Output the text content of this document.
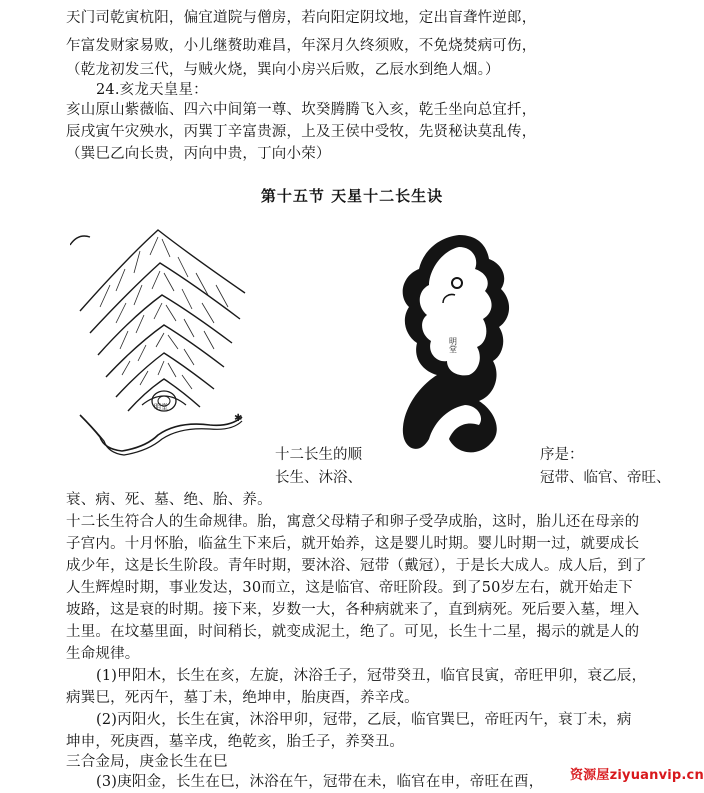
天门司乾寅杭阳，偏宜道院与僧房，若向阳定阴坟地，定出盲聋忤逆郎，
乍富发财家易败，小儿继赘助难昌，年深月久终须败，不免烧焚病可伤，
（乾龙初发三代，与贼火烧，巽向小房兴后败，乙辰水到绝人烟。）
24.亥龙天皇星：
亥山原山紫薇临、四六中间第一尊、坎癸腾腾飞入亥，乾壬坐向总宜扦，
辰戌寅午灾殃水，丙巽丁辛富贵源，上及王侯中受牧，先贤秘诀莫乱传，
（巽巳乙向长贵，丙向中贵，丁向小荣）
第十五节 天星十二长生诀
明堂
✱
明堂
十二长生的顺	序是：
长生、沐浴、	冠带、临官、帝旺、
衰、病、死、墓、绝、胎、养。
十二长生符合人的生命规律。胎，寓意父母精子和卵子受孕成胎，这时，胎儿还在母亲的
子宫内。十月怀胎，临盆生下来后，就开始养，这是婴儿时期。婴儿时期一过，就要成长
成少年，这是长生阶段。青年时期，要沐浴、冠带（戴冠），于是长大成人。成人后，到了
人生辉煌时期，事业发达，30而立，这是临官、帝旺阶段。到了50岁左右，就开始走下
坡路，这是衰的时期。接下来，岁数一大，各种病就来了，直到病死。死后要入墓，埋入
土里。在坟墓里面，时间稍长，就变成泥土，绝了。可见，长生十二星，揭示的就是人的
生命规律。
(1)甲阳木，长生在亥，左旋，沐浴壬子，冠带癸丑，临官艮寅，帝旺甲卯，衰乙辰，
病巽巳，死丙午，墓丁未，绝坤申，胎庚酉，养辛戌。
(2)丙阳火，长生在寅，沐浴甲卯，冠带，乙辰，临官巽巳，帝旺丙午，衰丁未，病
坤申，死庚酉，墓辛戌，绝乾亥，胎壬子，养癸丑。
三合金局，庚金长生在巳
(3)庚阳金，长生在巳，沐浴在午，冠带在未，临官在申，帝旺在酉， 资源屋ziyuanvip.cn
